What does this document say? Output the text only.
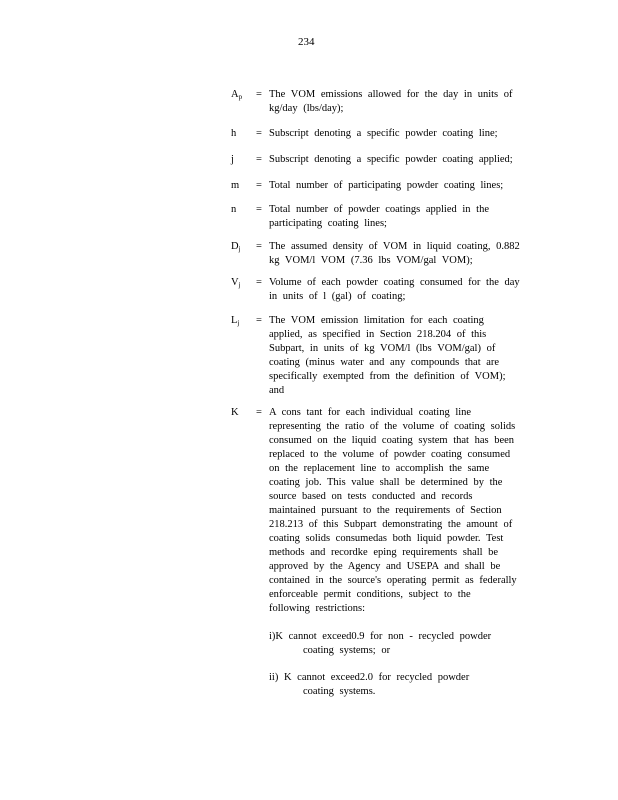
234
$A_p$ = The VOM emissions allowed for the day in units of
kg/day (lbs/day);
h = Subscript denoting a specific powder coating line;
j = Subscript denoting a specific powder coating applied;
m = Total number of participating powder coating lines;
n = Total number of powder coatings applied in the
participating coating lines;
$D_j$ = The assumed density of VOM in liquid coating, 0.882
kg VOM/l VOM (7.36 lbs VOM/gal VOM);
$V_j$ = Volume of each powder coating consumed for the day
in units of l (gal) of coating;
$L_j$ = The VOM emission limitation for each coating
applied, as specified in Section 218.204 of this
Subpart, in units of kg VOM/l (lbs VOM/gal) of
coating (minus water and any compounds that are
specifically exempted from the definition of VOM);
and
K = A cons tant for each individual coating line
representing the ratio of the volume of coating solids
consumed on the liquid coating system that has been
replaced to the volume of powder coating consumed
on the replacement line to accomplish the same
coating job. This value shall be determined by the
source based on tests conducted and records
maintained pursuant to the requirements of Section
218.213 of this Subpart demonstrating the amount of
coating solids consumedas both liquid powder. Test
methods and recordke eping requirements shall be
approved by the Agency and USEPA and shall be
contained in the source's operating permit as federally
enforceable permit conditions, subject to the
following restrictions:
i)K cannot exceed0.9 for non - recycled powder
coating systems; or
ii) K cannot exceed2.0 for recycled powder
coating systems.
